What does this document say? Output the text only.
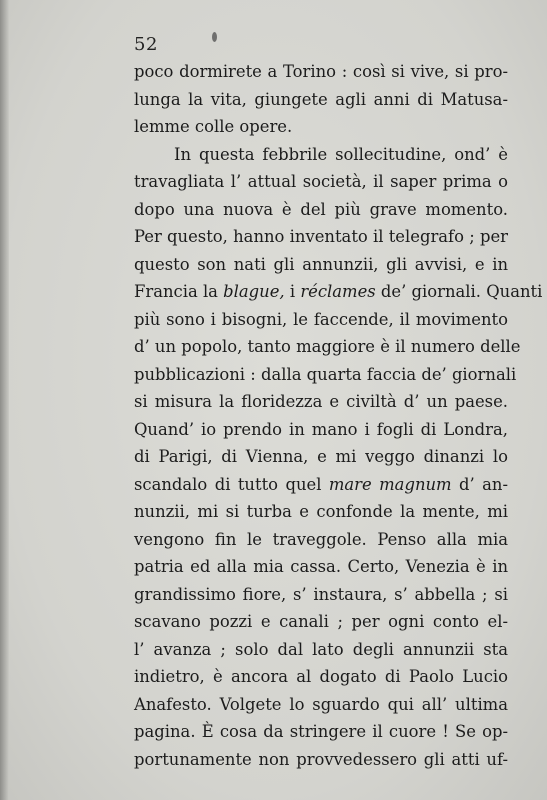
52
poco dormirete a Torino : così si vive, si pro-
lunga la vita, giungete agli anni di Matusa-
lemme colle opere.
In questa febbrile sollecitudine, ond’ è
travagliata l’ attual società, il saper prima o
dopo una nuova è del più grave momento.
Per questo, hanno inventato il telegrafo ; per
questo son nati gli annunzii, gli avvisi, e in
Francia la blague, i réclames de’ giornali. Quanti
più sono i bisogni, le faccende, il movimento
d’ un popolo, tanto maggiore è il numero delle
pubblicazioni : dalla quarta faccia de’ giornali
si misura la floridezza e civiltà d’ un paese.
Quand’ io prendo in mano i fogli di Londra,
di Parigi, di Vienna, e mi veggo dinanzi lo
scandalo di tutto quel mare magnum d’ an-
nunzii, mi si turba e confonde la mente, mi
vengono fin le traveggole. Penso alla mia
patria ed alla mia cassa. Certo, Venezia è in
grandissimo fiore, s’ instaura, s’ abbella ; si
scavano pozzi e canali ; per ogni conto el-
l’ avanza ; solo dal lato degli annunzii sta
indietro, è ancora al dogato di Paolo Lucio
Anafesto. Volgete lo sguardo qui all’ ultima
pagina. È cosa da stringere il cuore ! Se op-
portunamente non provvedessero gli atti uf-
